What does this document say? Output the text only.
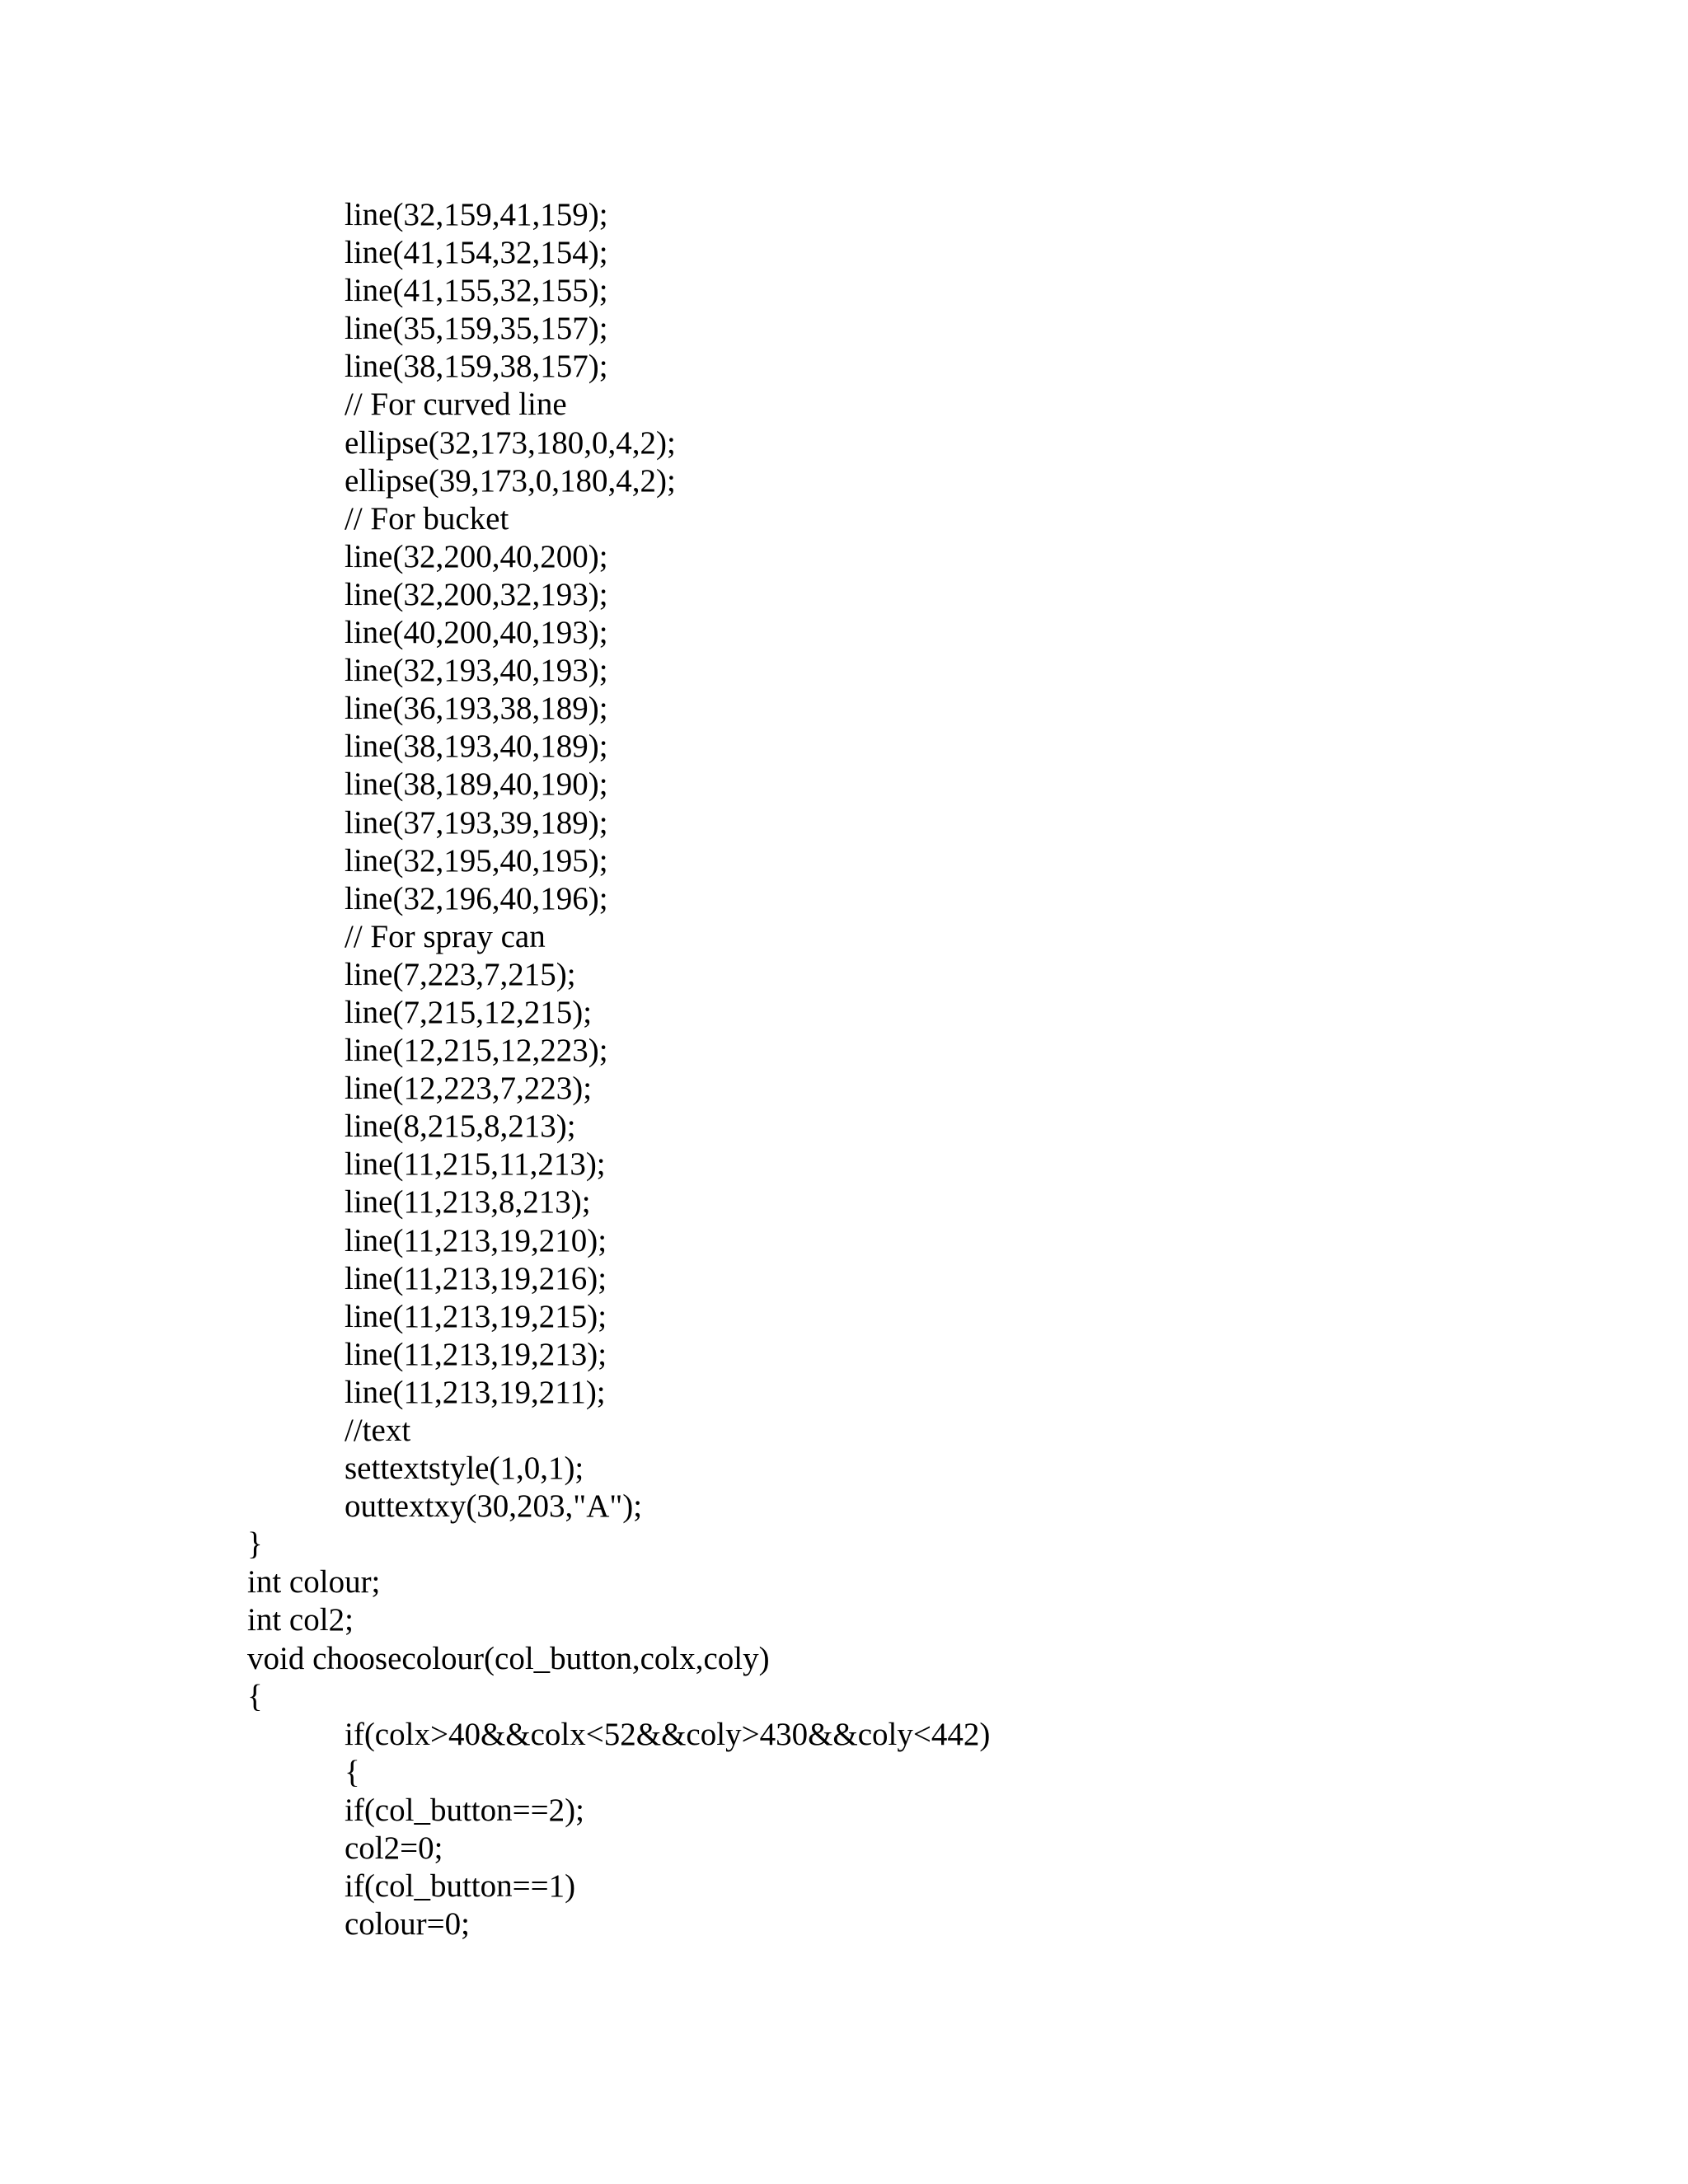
line(32,159,41,159);
line(41,154,32,154);
line(41,155,32,155);
line(35,159,35,157);
line(38,159,38,157);
// For curved line
ellipse(32,173,180,0,4,2);
ellipse(39,173,0,180,4,2);
// For bucket
line(32,200,40,200);
line(32,200,32,193);
line(40,200,40,193);
line(32,193,40,193);
line(36,193,38,189);
line(38,193,40,189);
line(38,189,40,190);
line(37,193,39,189);
line(32,195,40,195);
line(32,196,40,196);
// For spray can
line(7,223,7,215);
line(7,215,12,215);
line(12,215,12,223);
line(12,223,7,223);
line(8,215,8,213);
line(11,215,11,213);
line(11,213,8,213);
line(11,213,19,210);
line(11,213,19,216);
line(11,213,19,215);
line(11,213,19,213);
line(11,213,19,211);
//text
settextstyle(1,0,1);
outtextxy(30,203,"A");
}
int colour;
int col2;
void choosecolour(col_button,colx,coly)
{
if(colx>40&&colx<52&&coly>430&&coly<442)
{
if(col_button==2);
col2=0;
if(col_button==1)
colour=0;
